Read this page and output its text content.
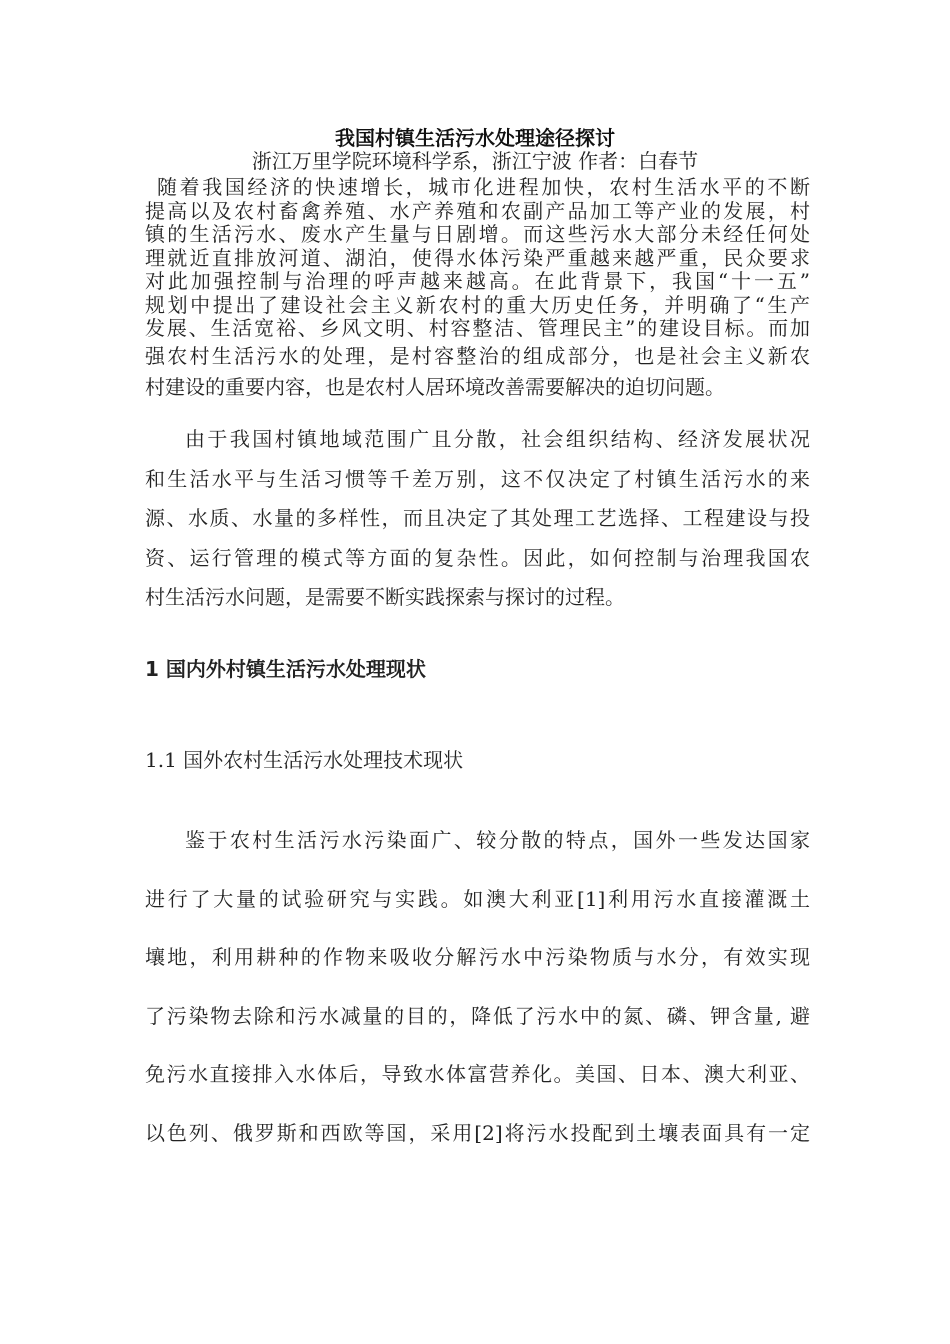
我国村镇生活污水处理途径探讨
浙江万里学院环境科学系，浙江宁波 作者：白春节
随着我国经济的快速增长，城市化进程加快，农村生活水平的不断
提高以及农村畜禽养殖、水产养殖和农副产品加工等产业的发展，村
镇的生活污水、废水产生量与日剧增。而这些污水大部分未经任何处
理就近直排放河道、湖泊，使得水体污染严重越来越严重，民众要求
对此加强控制与治理的呼声越来越高。在此背景下，我国“十一五”
规划中提出了建设社会主义新农村的重大历史任务，并明确了“生产
发展、生活宽裕、乡风文明、村容整洁、管理民主”的建设目标。而加
强农村生活污水的处理，是村容整治的组成部分，也是社会主义新农
村建设的重要内容，也是农村人居环境改善需要解决的迫切问题。
由于我国村镇地域范围广且分散，社会组织结构、经济发展状况
和生活水平与生活习惯等千差万别，这不仅决定了村镇生活污水的来
源、水质、水量的多样性，而且决定了其处理工艺选择、工程建设与投
资、运行管理的模式等方面的复杂性。因此，如何控制与治理我国农
村生活污水问题，是需要不断实践探索与探讨的过程。
1 国内外村镇生活污水处理现状
1.1 国外农村生活污水处理技术现状
鉴于农村生活污水污染面广、较分散的特点，国外一些发达国家
进行了大量的试验研究与实践。如澳大利亚[1]利用污水直接灌溉土
壤地，利用耕种的作物来吸收分解污水中污染物质与水分，有效实现
了污染物去除和污水减量的目的，降低了污水中的氮、磷、钾含量, 避
免污水直接排入水体后，导致水体富营养化。美国、日本、澳大利亚、
以色列、俄罗斯和西欧等国，采用[2]将污水投配到土壤表面具有一定
